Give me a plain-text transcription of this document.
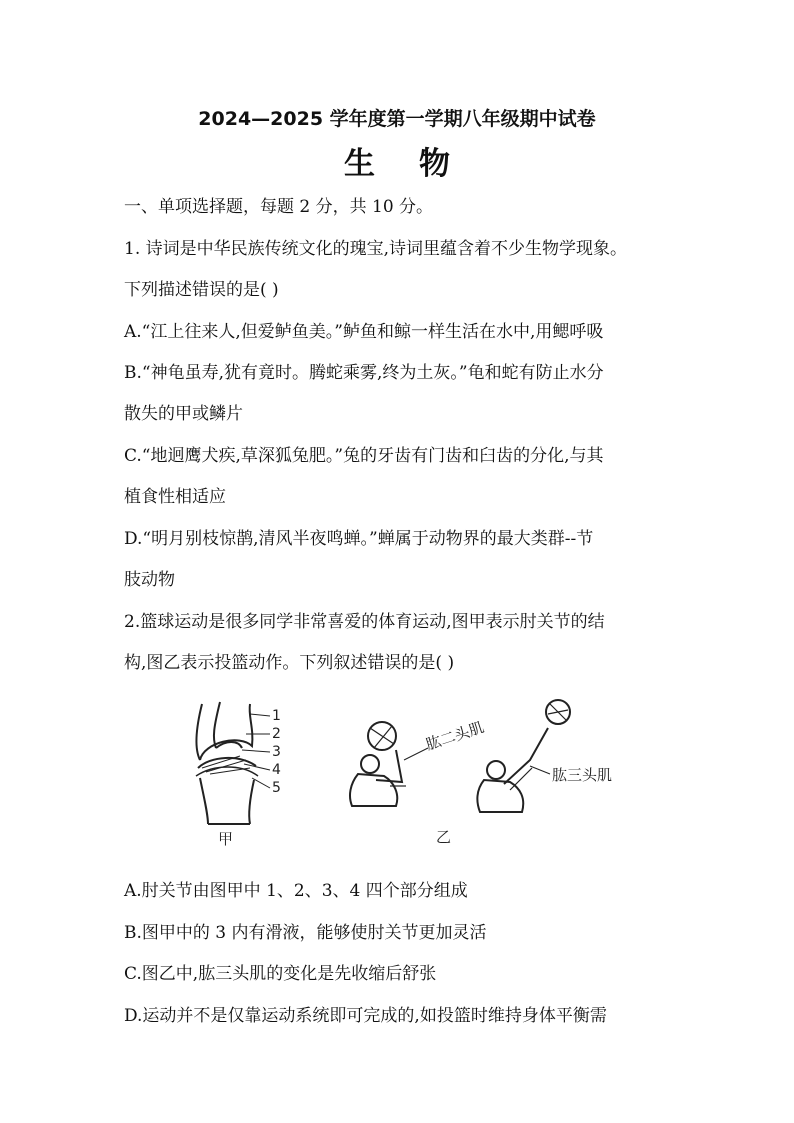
2024—2025 学年度第一学期八年级期中试卷
生物
一、单项选择题，每题 2 分，共 10 分。
1. 诗词是中华民族传统文化的瑰宝,诗词里蕴含着不少生物学现象。
下列描述错误的是( )
A.“江上往来人,但爱鲈鱼美。”鲈鱼和鲸一样生活在水中,用鳃呼吸
B.“神龟虽寿,犹有竟时。腾蛇乘雾,终为土灰。”龟和蛇有防止水分
散失的甲或鳞片
C.“地迥鹰犬疾,草深狐兔肥。”兔的牙齿有门齿和臼齿的分化,与其
植食性相适应
D.“明月别枝惊鹊,清风半夜鸣蝉。”蝉属于动物界的最大类群--节
肢动物
2.篮球运动是很多同学非常喜爱的体育运动,图甲表示肘关节的结
构,图乙表示投篮动作。下列叙述错误的是( )
1
2
3
4
5
甲
肱二头肌
肱三头肌
乙
A.肘关节由图甲中 1、2、3、4 四个部分组成
B.图甲中的 3 内有滑液，能够使肘关节更加灵活
C.图乙中,肱三头肌的变化是先收缩后舒张
D.运动并不是仅靠运动系统即可完成的,如投篮时维持身体平衡需
